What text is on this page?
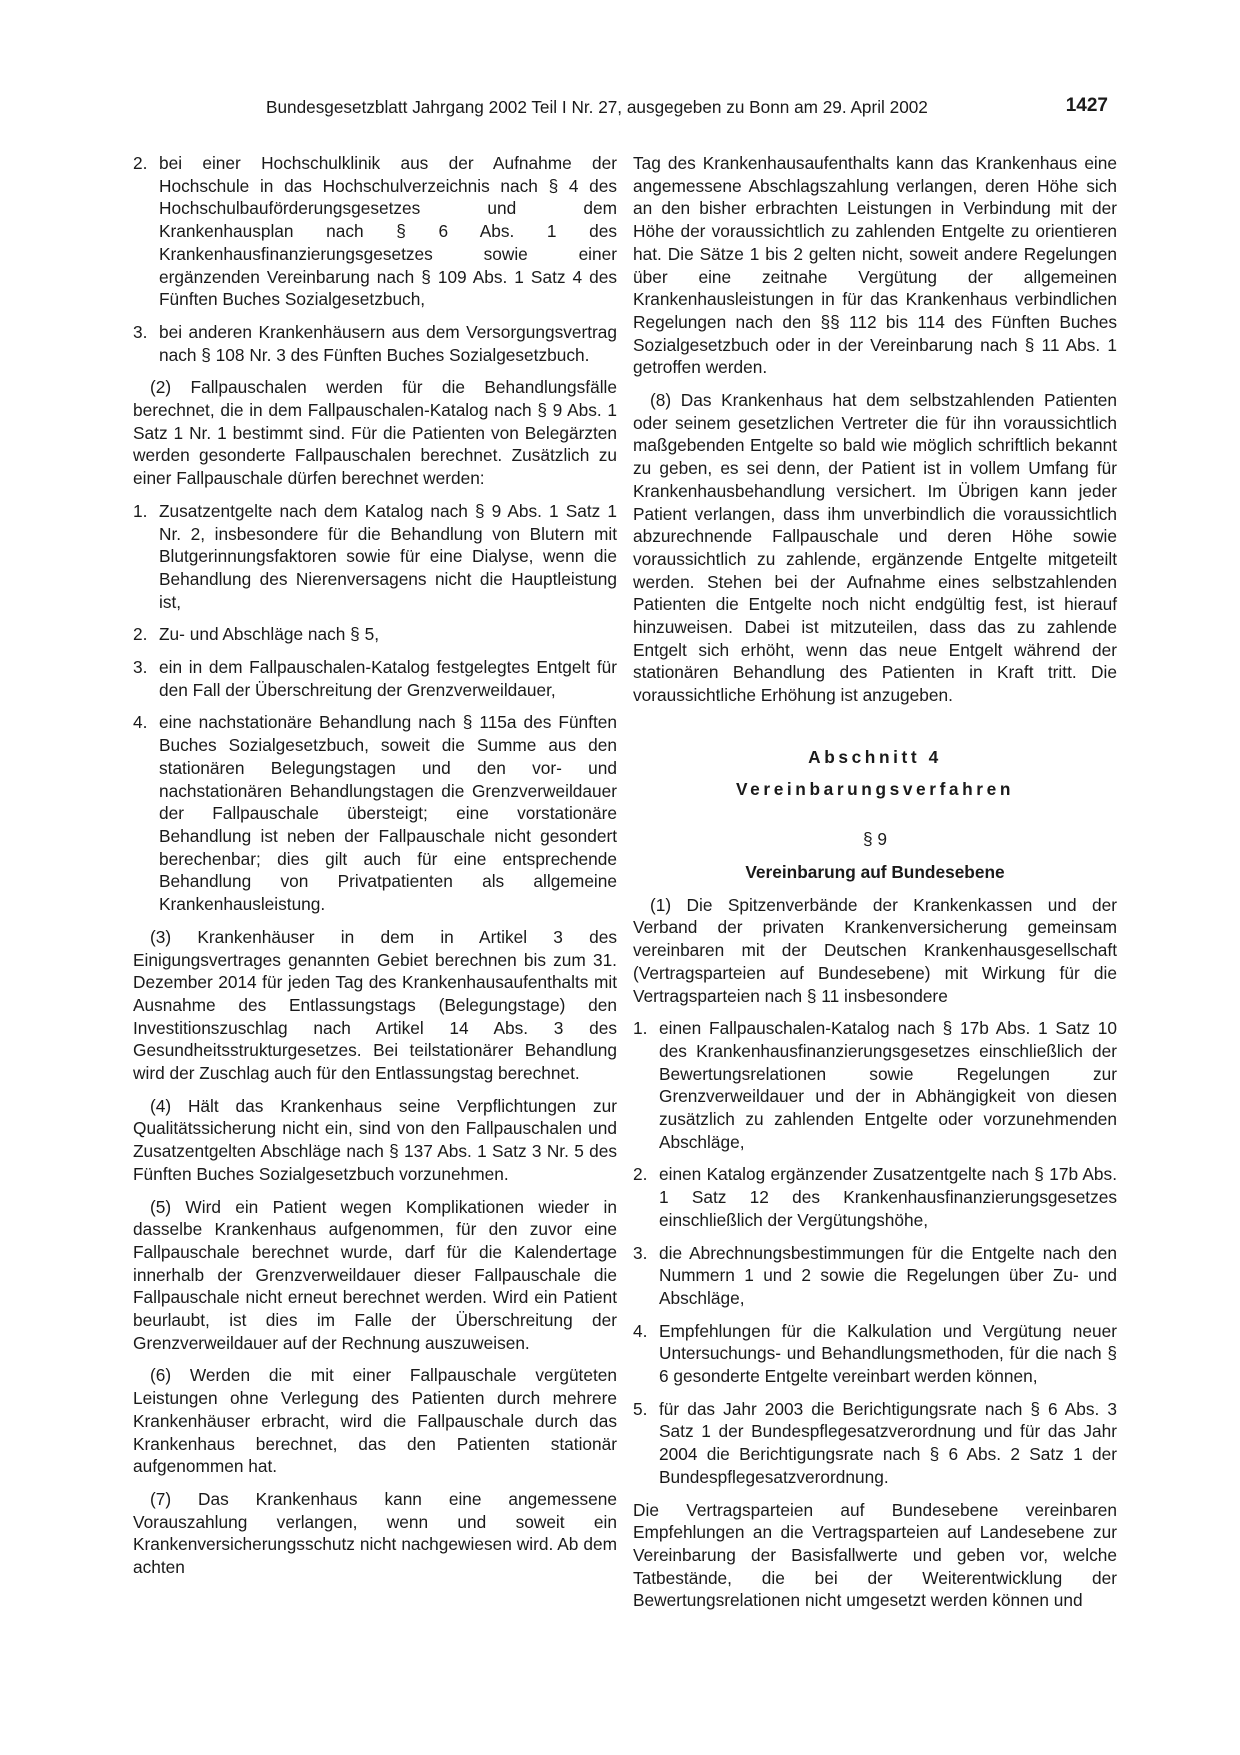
Bundesgesetzblatt Jahrgang 2002 Teil I Nr. 27, ausgegeben zu Bonn am 29. April 2002	1427
2. bei einer Hochschulklinik aus der Aufnahme der Hochschule in das Hochschulverzeichnis nach § 4 des Hochschulbauförderungsgesetzes und dem Krankenhausplan nach § 6 Abs. 1 des Krankenhausfinanzierungsgesetzes sowie einer ergänzenden Vereinbarung nach § 109 Abs. 1 Satz 4 des Fünften Buches Sozialgesetzbuch,
3. bei anderen Krankenhäusern aus dem Versorgungsvertrag nach § 108 Nr. 3 des Fünften Buches Sozialgesetzbuch.

(2) Fallpauschalen werden für die Behandlungsfälle berechnet, die in dem Fallpauschalen-Katalog nach § 9 Abs. 1 Satz 1 Nr. 1 bestimmt sind. Für die Patienten von Belegärzten werden gesonderte Fallpauschalen berechnet. Zusätzlich zu einer Fallpauschale dürfen berechnet werden:

1. Zusatzentgelte nach dem Katalog nach § 9 Abs. 1 Satz 1 Nr. 2, insbesondere für die Behandlung von Blutern mit Blutgerinnungsfaktoren sowie für eine Dialyse, wenn die Behandlung des Nierenversagens nicht die Hauptleistung ist,
2. Zu- und Abschläge nach § 5,
3. ein in dem Fallpauschalen-Katalog festgelegtes Entgelt für den Fall der Überschreitung der Grenzverweildauer,
4. eine nachstationäre Behandlung nach § 115a des Fünften Buches Sozialgesetzbuch, soweit die Summe aus den stationären Belegungstagen und den vor- und nachstationären Behandlungstagen die Grenzverweildauer der Fallpauschale übersteigt; eine vorstationäre Behandlung ist neben der Fallpauschale nicht gesondert berechenbar; dies gilt auch für eine entsprechende Behandlung von Privatpatienten als allgemeine Krankenhausleistung.

(3) Krankenhäuser in dem in Artikel 3 des Einigungsvertrages genannten Gebiet berechnen bis zum 31. Dezember 2014 für jeden Tag des Krankenhausaufenthalts mit Ausnahme des Entlassungstags (Belegungstage) den Investitionszuschlag nach Artikel 14 Abs. 3 des Gesundheitsstrukturgesetzes. Bei teilstationärer Behandlung wird der Zuschlag auch für den Entlassungstag berechnet.

(4) Hält das Krankenhaus seine Verpflichtungen zur Qualitätssicherung nicht ein, sind von den Fallpauschalen und Zusatzentgelten Abschläge nach § 137 Abs. 1 Satz 3 Nr. 5 des Fünften Buches Sozialgesetzbuch vorzunehmen.

(5) Wird ein Patient wegen Komplikationen wieder in dasselbe Krankenhaus aufgenommen, für den zuvor eine Fallpauschale berechnet wurde, darf für die Kalendertage innerhalb der Grenzverweildauer dieser Fallpauschale die Fallpauschale nicht erneut berechnet werden. Wird ein Patient beurlaubt, ist dies im Falle der Überschreitung der Grenzverweildauer auf der Rechnung auszuweisen.

(6) Werden die mit einer Fallpauschale vergüteten Leistungen ohne Verlegung des Patienten durch mehrere Krankenhäuser erbracht, wird die Fallpauschale durch das Krankenhaus berechnet, das den Patienten stationär aufgenommen hat.

(7) Das Krankenhaus kann eine angemessene Vorauszahlung verlangen, wenn und soweit ein Krankenversicherungsschutz nicht nachgewiesen wird. Ab dem achten

Tag des Krankenhausaufenthalts kann das Krankenhaus eine angemessene Abschlagszahlung verlangen, deren Höhe sich an den bisher erbrachten Leistungen in Verbindung mit der Höhe der voraussichtlich zu zahlenden Entgelte zu orientieren hat. Die Sätze 1 bis 2 gelten nicht, soweit andere Regelungen über eine zeitnahe Vergütung der allgemeinen Krankenhausleistungen in für das Krankenhaus verbindlichen Regelungen nach den §§ 112 bis 114 des Fünften Buches Sozialgesetzbuch oder in der Vereinbarung nach § 11 Abs. 1 getroffen werden.

(8) Das Krankenhaus hat dem selbstzahlenden Patienten oder seinem gesetzlichen Vertreter die für ihn voraussichtlich maßgebenden Entgelte so bald wie möglich schriftlich bekannt zu geben, es sei denn, der Patient ist in vollem Umfang für Krankenhausbehandlung versichert. Im Übrigen kann jeder Patient verlangen, dass ihm unverbindlich die voraussichtlich abzurechnende Fallpauschale und deren Höhe sowie voraussichtlich zu zahlende, ergänzende Entgelte mitgeteilt werden. Stehen bei der Aufnahme eines selbstzahlenden Patienten die Entgelte noch nicht endgültig fest, ist hierauf hinzuweisen. Dabei ist mitzuteilen, dass das zu zahlende Entgelt sich erhöht, wenn das neue Entgelt während der stationären Behandlung des Patienten in Kraft tritt. Die voraussichtliche Erhöhung ist anzugeben.

Abschnitt 4
Vereinbarungsverfahren
§ 9
Vereinbarung auf Bundesebene

(1) Die Spitzenverbände der Krankenkassen und der Verband der privaten Krankenversicherung gemeinsam vereinbaren mit der Deutschen Krankenhausgesellschaft (Vertragsparteien auf Bundesebene) mit Wirkung für die Vertragsparteien nach § 11 insbesondere

1. einen Fallpauschalen-Katalog nach § 17b Abs. 1 Satz 10 des Krankenhausfinanzierungsgesetzes einschließlich der Bewertungsrelationen sowie Regelungen zur Grenzverweildauer und der in Abhängigkeit von diesen zusätzlich zu zahlenden Entgelte oder vorzunehmenden Abschläge,
2. einen Katalog ergänzender Zusatzentgelte nach § 17b Abs. 1 Satz 12 des Krankenhausfinanzierungsgesetzes einschließlich der Vergütungshöhe,
3. die Abrechnungsbestimmungen für die Entgelte nach den Nummern 1 und 2 sowie die Regelungen über Zu- und Abschläge,
4. Empfehlungen für die Kalkulation und Vergütung neuer Untersuchungs- und Behandlungsmethoden, für die nach § 6 gesonderte Entgelte vereinbart werden können,
5. für das Jahr 2003 die Berichtigungsrate nach § 6 Abs. 3 Satz 1 der Bundespflegesatzverordnung und für das Jahr 2004 die Berichtigungsrate nach § 6 Abs. 2 Satz 1 der Bundespflegesatzverordnung.

Die Vertragsparteien auf Bundesebene vereinbaren Empfehlungen an die Vertragsparteien auf Landesebene zur Vereinbarung der Basisfallwerte und geben vor, welche Tatbestände, die bei der Weiterentwicklung der Bewertungsrelationen nicht umgesetzt werden können und
